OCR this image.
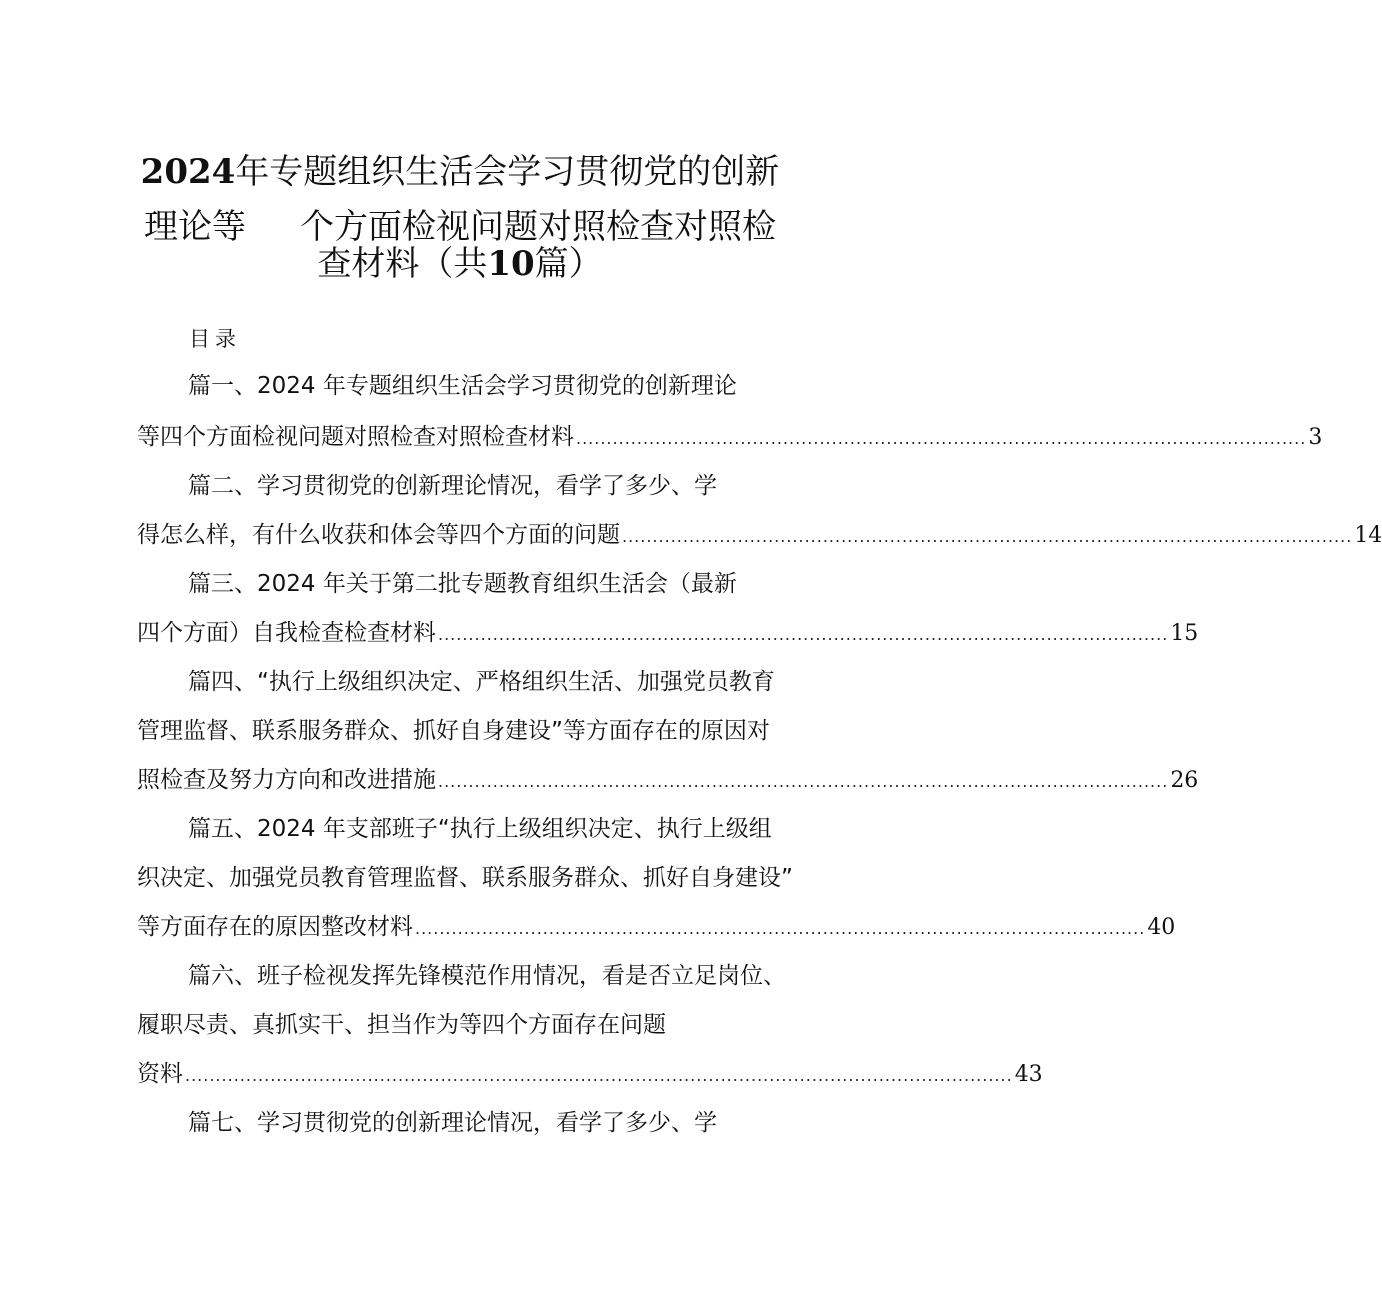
2024年专题组织生活会学习贯彻党的创新
理论等 个方面检视问题对照检查对照检
查材料（共10篇）
目录
篇一、2024 年专题组织生活会学习贯彻党的创新理论
等四个方面检视问题对照检查对照检查材料 ........................................................................................................................ 3
篇二、学习贯彻党的创新理论情况，看学了多少、学
得怎么样，有什么收获和体会等四个方面的问题 ........................................................................................................................ 14
篇三、2024 年关于第二批专题教育组织生活会（最新
四个方面）自我检查检查材料 ........................................................................................................................ 15
篇四、“执行上级组织决定、严格组织生活、加强党员教育
管理监督、联系服务群众、抓好自身建设”等方面存在的原因对
照检查及努力方向和改进措施 ........................................................................................................................ 26
篇五、2024 年支部班子“执行上级组织决定、执行上级组
织决定、加强党员教育管理监督、联系服务群众、抓好自身建设”
等方面存在的原因整改材料 ........................................................................................................................ 40
篇六、班子检视发挥先锋模范作用情况，看是否立足岗位、
履职尽责、真抓实干、担当作为等四个方面存在问题
资料 ........................................................................................................................................ 43
篇七、学习贯彻党的创新理论情况，看学了多少、学
